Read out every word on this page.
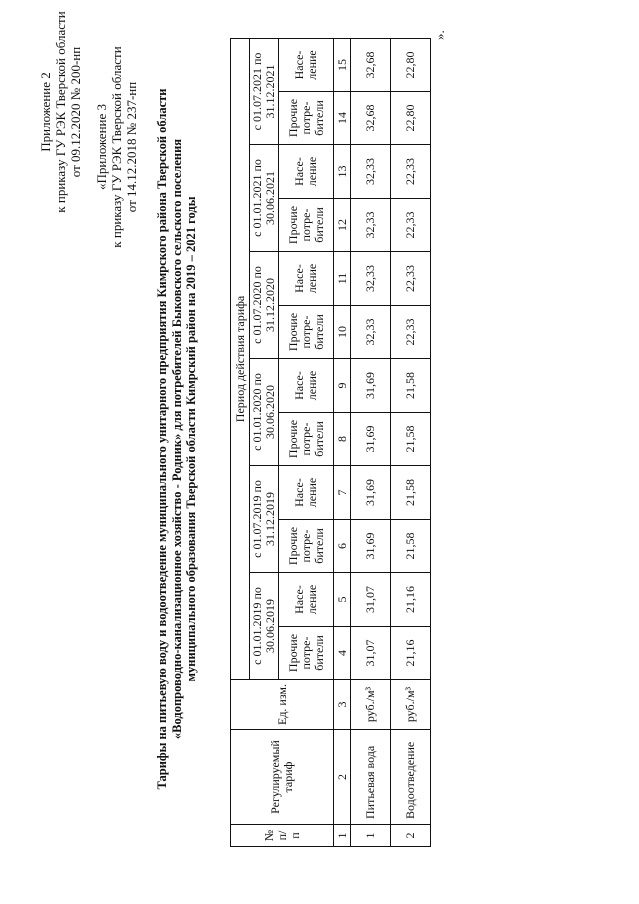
Приложение 2 к приказу ГУ РЭК Тверской области от 09.12.2020 № 200-нп «Приложение 3 к приказу ГУ РЭК Тверской области от 14.12.2018 № 237-нп Тарифы на питьевую воду и водоотведение муниципального унитарного предприятия Кимрского района Тверской области «Водопроводно-канализационное хозяйство - Родник» для потребителей Быковского сельского поселения муниципального образования Тверской области Кимрский район на 2019 – 2021 годы
№ п/ п	Регулируемый тариф	Ед. изм.	Период действия тарифа											
			с 01.01.2019 по 30.06.2019		с 01.07.2019 по 31.12.2019		с 01.01.2020 по 30.06.2020		с 01.07.2020 по 31.12.2020		с 01.01.2021 по 30.06.2021		с 01.07.2021 по 31.12.2021	
			Прочие потре-бители	Насе-ление	Прочие потре-бители	Насе-ление	Прочие потре-бители	Насе-ление	Прочие потре-бители	Насе-ление	Прочие потре-бители	Насе-ление	Прочие потре-бители	Насе-ление
1	2	3	4	5	6	7	8	9	10	11	12	13	14	15
1	Питьевая вода	руб./м³	31,07	31,07	31,69	31,69	31,69	31,69	32,33	32,33	32,33	32,33	32,68	32,68
2	Водоотведение	руб./м³	21,16	21,16	21,58	21,58	21,58	21,58	22,33	22,33	22,33	22,33	22,80	22,80
».
